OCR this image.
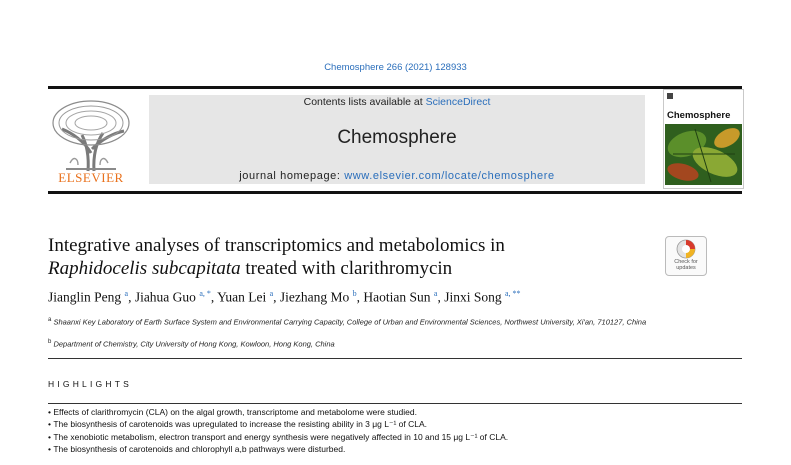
Chemosphere 266 (2021) 128933
ELSEVIER
Contents lists available at ScienceDirect
Chemosphere
journal homepage: www.elsevier.com/locate/chemosphere
Chemosphere
Integrative analyses of transcriptomics and metabolomics in
Raphidocelis subcapitata treated with clarithromycin	Check for
updates
Jianglin Peng $^a$, Jiahua Guo $^{a, *}$, Yuan Lei $^a$, Jiezhang Mo $^b$, Haotian Sun $^a$, Jinxi Song $^{a, **}$
$^a$ Shaanxi Key Laboratory of Earth Surface System and Environmental Carrying Capacity, College of Urban and Environmental Sciences, Northwest University, Xi'an, 710127, China
$^b$ Department of Chemistry, City University of Hong Kong, Kowloon, Hong Kong, China
HIGHLIGHTS
• Effects of clarithromycin (CLA) on the algal growth, transcriptome and metabolome were studied.
• The biosynthesis of carotenoids was upregulated to increase the resisting ability in 3 μg L⁻¹ of CLA.
• The xenobiotic metabolism, electron transport and energy synthesis were negatively affected in 10 and 15 μg L⁻¹ of CLA.
• The biosynthesis of carotenoids and chlorophyll a,b pathways were disturbed.
